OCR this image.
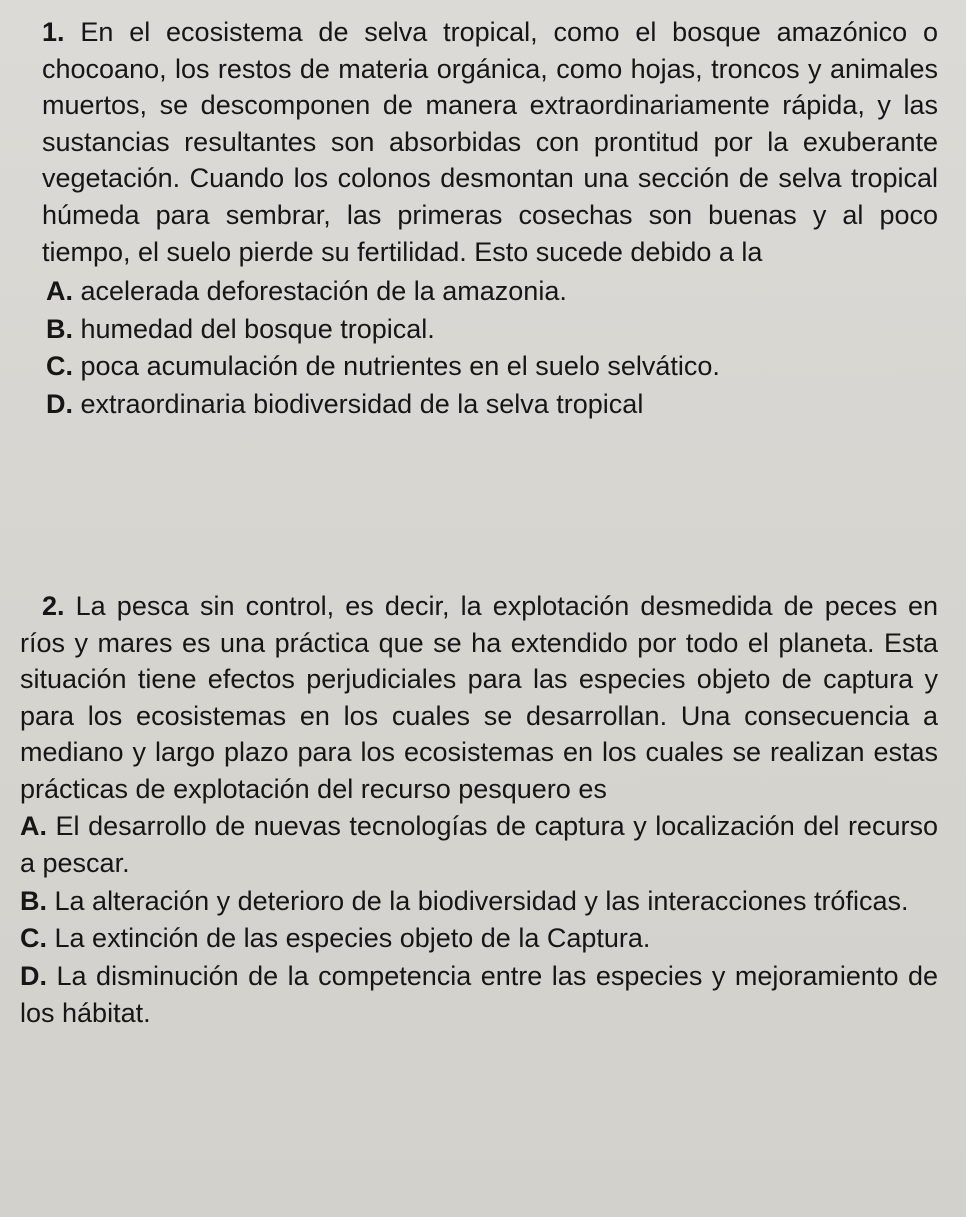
1. En el ecosistema de selva tropical, como el bosque amazónico o chocoano, los restos de materia orgánica, como hojas, troncos y animales muertos, se descomponen de manera extraordinariamente rápida, y las sustancias resultantes son absorbidas con prontitud por la exuberante vegetación. Cuando los colonos desmontan una sección de selva tropical húmeda para sembrar, las primeras cosechas son buenas y al poco tiempo, el suelo pierde su fertilidad. Esto sucede debido a la

A. acelerada deforestación de la amazonia.
B. humedad del bosque tropical.
C. poca acumulación de nutrientes en el suelo selvático.
D. extraordinaria biodiversidad de la selva tropical

2. La pesca sin control, es decir, la explotación desmedida de peces en ríos y mares es una práctica que se ha extendido por todo el planeta. Esta situación tiene efectos perjudiciales para las especies objeto de captura y para los ecosistemas en los cuales se desarrollan. Una consecuencia a mediano y largo plazo para los ecosistemas en los cuales se realizan estas prácticas de explotación del recurso pesquero es

A. El desarrollo de nuevas tecnologías de captura y localización del recurso a pescar.
B. La alteración y deterioro de la biodiversidad y las interacciones tróficas.
C. La extinción de las especies objeto de la Captura.
D. La disminución de la competencia entre las especies y mejoramiento de los hábitat.
